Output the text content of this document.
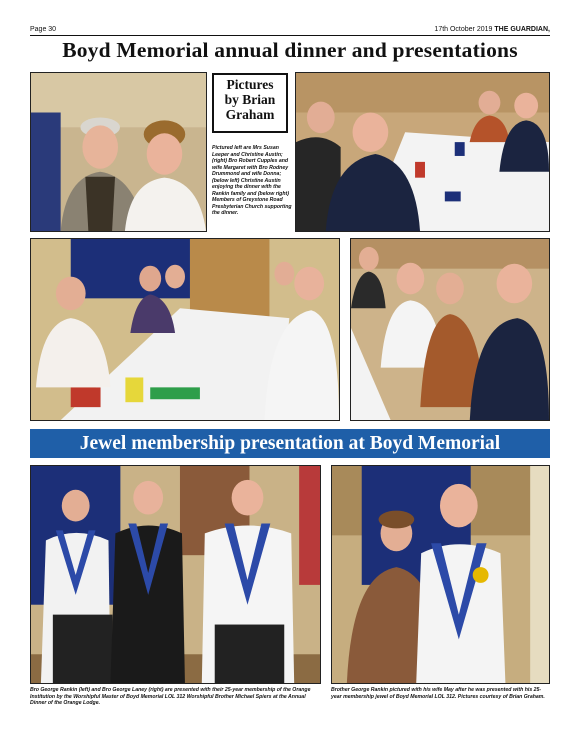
Page 30	17th October 2019 THE GUARDIAN,
Boyd Memorial annual dinner and presentations
Pictures
by Brian
Graham
Pictured left are Mrs Susan Leeper and Christine Austin; (right) Bro Robert Cupples and wife Margaret with Bro Rodney Drummond and wife Donna; (below left) Christine Austin enjoying the dinner with the Rankin family and (below right) Members of Greystone Road Presbyterian Church supporting the dinner.
Jewel membership presentation at Boyd Memorial
Bro George Rankin (left) and Bro George Laney (right) are presented with their 25-year membership of the Orange Institution by the Worshipful Master of Boyd Memorial LOL 312 Worshipful Brother Michael Spiers at the Annual Dinner of the Orange Lodge.
Brother George Rankin pictured with his wife May after he was presented with his 25-year membership jewel of Boyd Memorial LOL 312. Pictures courtesy of Brian Graham.
